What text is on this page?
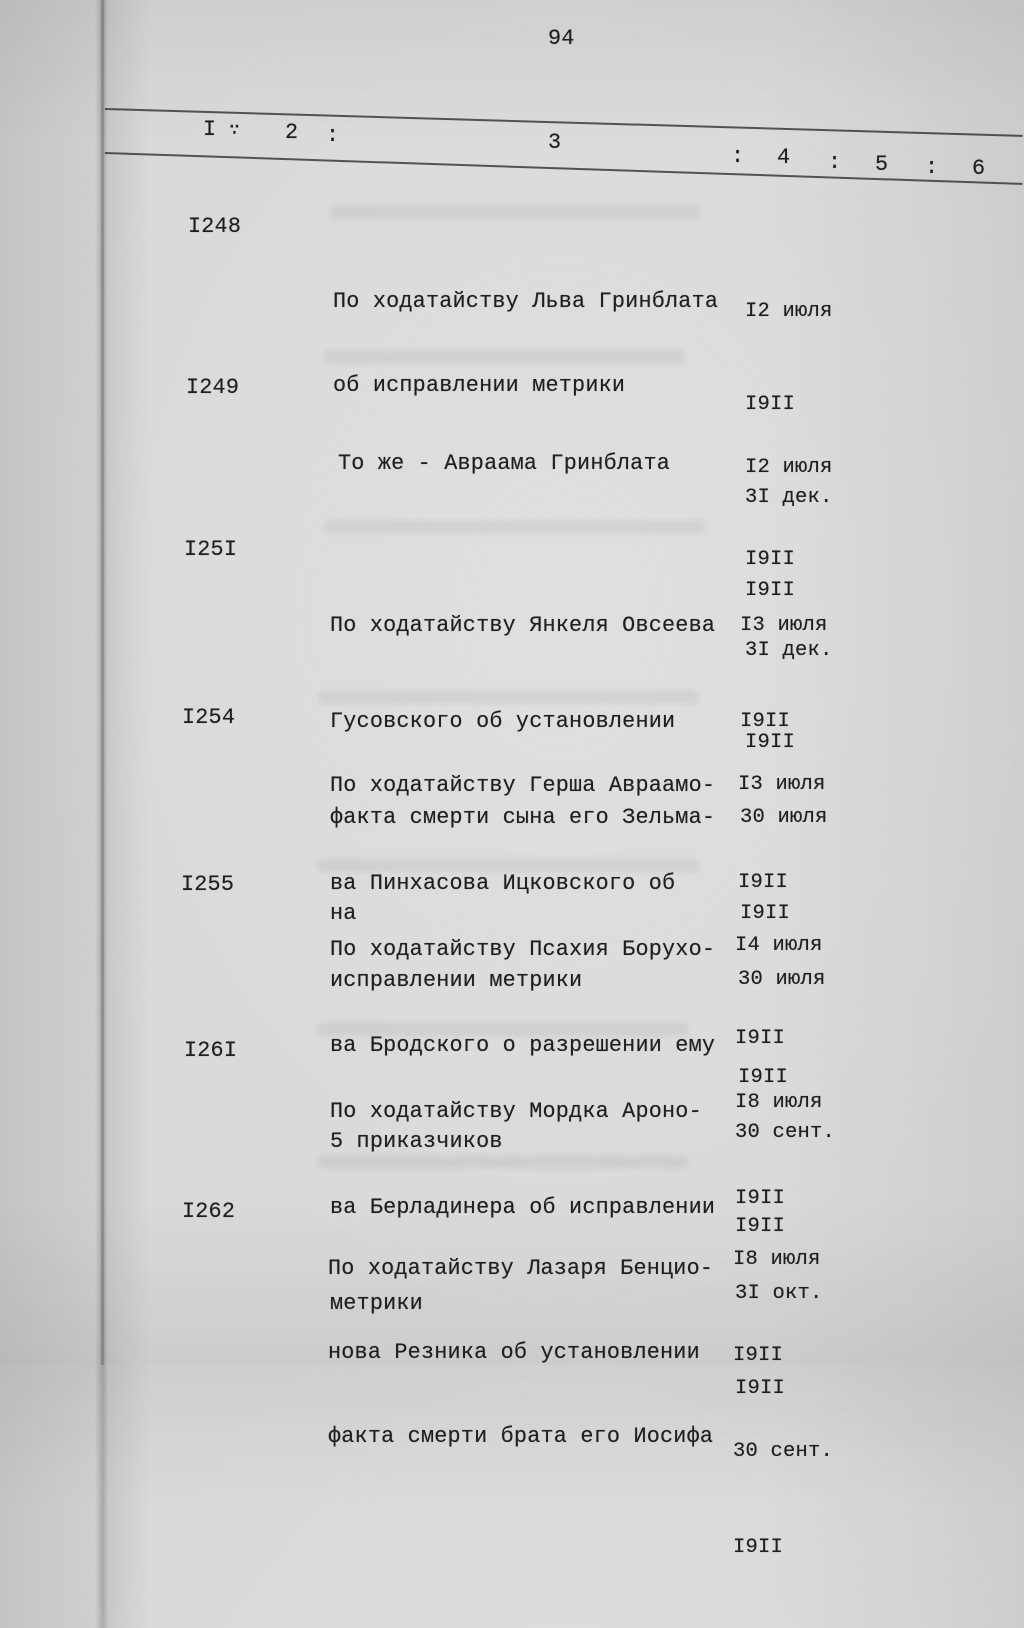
94
I ∵ 2 :	3
: 4 : 5 : 6
I248

По ходатайству Льва Гринблата

об исправлении метрики

I2 июля

I9II

3I дек.

I9II

I249

То же - Авраама Гринблата

	I2 июля

I9II

3I дек.

I9II

I25I

По ходатайству Янкеля Овсеева

Гусовского об установлении

факта смерти сына его Зельма-

на

I3 июля

I9II

30 июля

I9II

I254

По ходатайству Герша Авраамо-

ва Пинхасова Ицковского об

исправлении метрики

I3 июля

I9II

30 июля

I9II

I255

По ходатайству Псахия Борухо-

ва Бродского о разрешении ему

5 приказчиков

I4 июля

I9II

30 сент.

I9II

I26I

По ходатайству Мордка Ароно-

ва Берладинера об исправлении

метрики

I8 июля

I9II

3I окт.

I9II

I262

По ходатайству Лазаря Бенцио-

нова Резника об установлении

факта смерти брата его Иосифа

I8 июля

I9II

30 сент.

I9II
